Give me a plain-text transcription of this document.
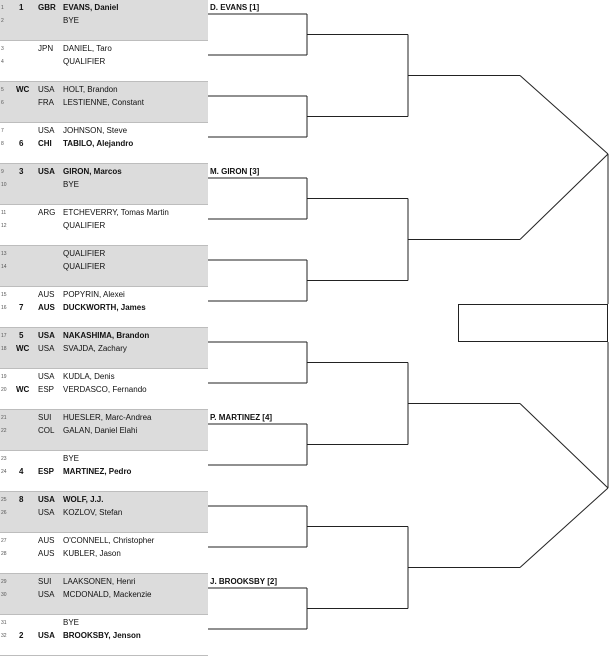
1	1	GBR EVANS, Daniel
2	BYE
3	JPN	DANIEL, Taro
4	QUALIFIER
5	WC	USA	HOLT, Brandon
6	FRA	LESTIENNE, Constant
7	USA	JOHNSON, Steve
8	6	CHI	TABILO, Alejandro
9	3	USA	GIRON, Marcos
10	BYE
11	ARG ETCHEVERRY, Tomas Martin
12	QUALIFIER
13	QUALIFIER
14	QUALIFIER
15	AUS	POPYRIN, Alexei
16	7	AUS	DUCKWORTH, James
17	5	USA	NAKASHIMA, Brandon
18	WC	USA	SVAJDA, Zachary
19	USA	KUDLA, Denis
20	WC	ESP	VERDASCO, Fernando
21	SUI	HUESLER, Marc-Andrea
22	COL	GALAN, Daniel Elahi
23	BYE
24	4	ESP	MARTINEZ, Pedro
25	8	USA	WOLF, J.J.
26	USA	KOZLOV, Stefan
27	AUS	O'CONNELL, Christopher
28	AUS	KUBLER, Jason
29	SUI	LAAKSONEN, Henri
30	USA	MCDONALD, Mackenzie
31	BYE
32	2	USA	BROOKSBY, Jenson
D. EVANS [1]
M. GIRON [3]
P. MARTINEZ [4]
J. BROOKSBY [2]
